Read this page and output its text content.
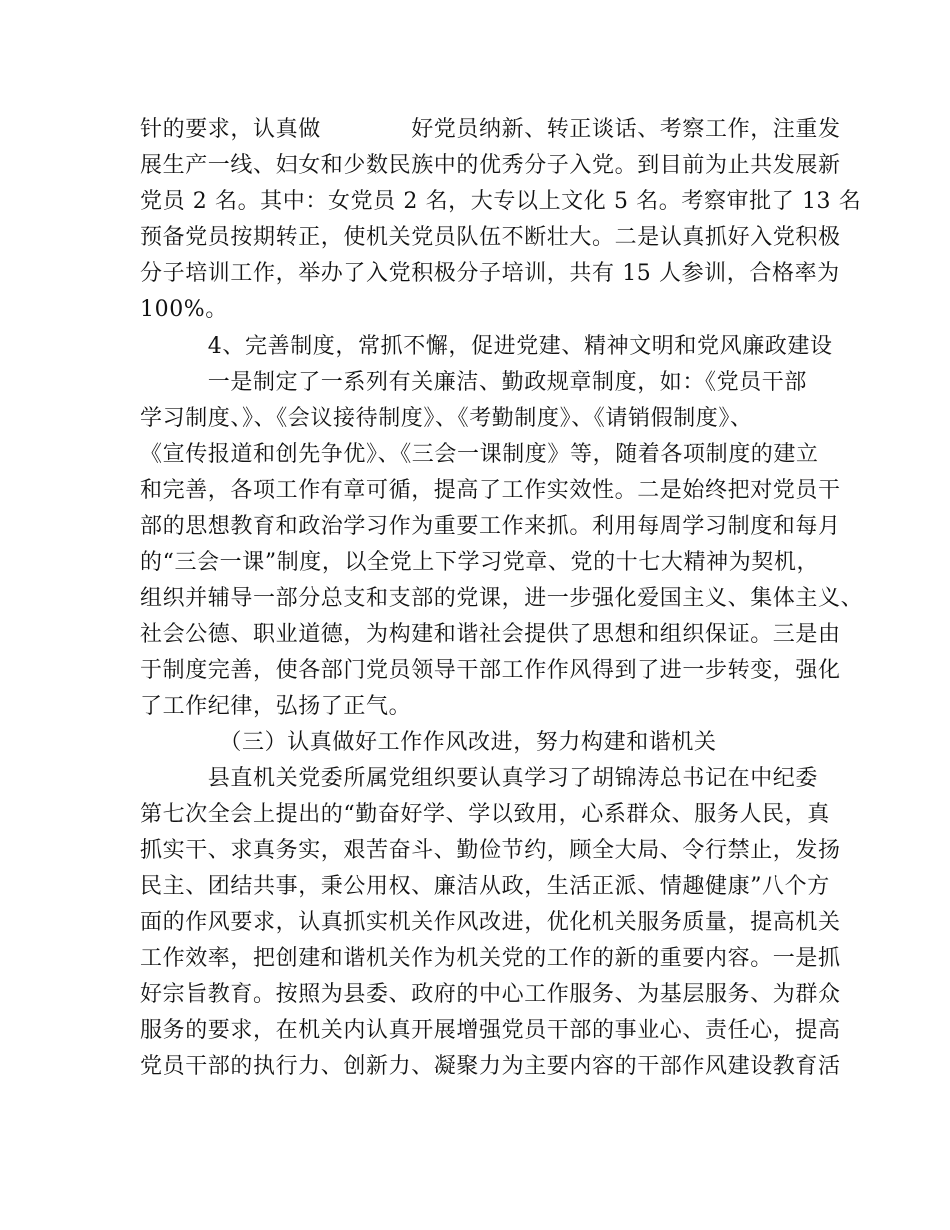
针的要求，认真做　　　　好党员纳新、转正谈话、考察工作，注重发
展生产一线、妇女和少数民族中的优秀分子入党。到目前为止共发展新
党员 2 名。其中：女党员 2 名，大专以上文化 5 名。考察审批了 13 名
预备党员按期转正，使机关党员队伍不断壮大。二是认真抓好入党积极
分子培训工作，举办了入党积极分子培训，共有 15 人参训，合格率为
100%。
　　　4、完善制度，常抓不懈，促进党建、精神文明和党风廉政建设
　　　一是制定了一系列有关廉洁、勤政规章制度，如：《党员干部
学习制度、》、《会议接待制度》、《考勤制度》、《请销假制度》、
《宣传报道和创先争优》、《三会一课制度》等，随着各项制度的建立
和完善，各项工作有章可循，提高了工作实效性。二是始终把对党员干
部的思想教育和政治学习作为重要工作来抓。利用每周学习制度和每月
的“三会一课”制度，以全党上下学习党章、党的十七大精神为契机，
组织并辅导一部分总支和支部的党课，进一步强化爱国主义、集体主义、
社会公德、职业道德，为构建和谐社会提供了思想和组织保证。三是由
于制度完善，使各部门党员领导干部工作作风得到了进一步转变，强化
了工作纪律，弘扬了正气。
　　　　（三）认真做好工作作风改进，努力构建和谐机关
　　　县直机关党委所属党组织要认真学习了胡锦涛总书记在中纪委
第七次全会上提出的“勤奋好学、学以致用，心系群众、服务人民，真
抓实干、求真务实，艰苦奋斗、勤俭节约，顾全大局、令行禁止，发扬
民主、团结共事，秉公用权、廉洁从政，生活正派、情趣健康”八个方
面的作风要求，认真抓实机关作风改进，优化机关服务质量，提高机关
工作效率，把创建和谐机关作为机关党的工作的新的重要内容。一是抓
好宗旨教育。按照为县委、政府的中心工作服务、为基层服务、为群众
服务的要求，在机关内认真开展增强党员干部的事业心、责任心，提高
党员干部的执行力、创新力、凝聚力为主要内容的干部作风建设教育活
